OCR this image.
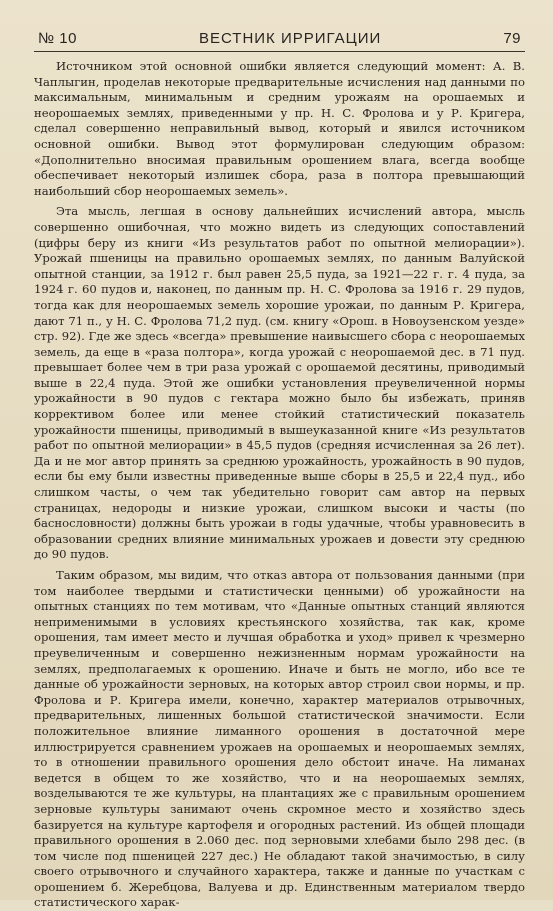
№ 10	ВЕСТНИК ИРРИГАЦИИ	79

Источником этой основной ошибки является следующий момент: А. В. Чаплыгин, проделав некоторые предварительные исчисления над данными по максимальным, минимальным и средним урожаям на орошаемых и неорошаемых землях, приведенными у пр. Н. С. Фролова и у Р. Кригера, сделал совершенно неправильный вывод, который и явился источником основной ошибки. Вывод этот формулирован следующим образом: «Дополнительно вносимая правильным орошением влага, всегда вообще обеспечивает некоторый излишек сбора, раза в полтора превышающий наибольший сбор неорошаемых земель».

Эта мысль, легшая в основу дальнейших исчислений автора, мысль совершенно ошибочная, что можно видеть из следующих сопоставлений (цифры беру из книги «Из результатов работ по опытной мелиорации»). Урожай пшеницы на правильно орошаемых землях, по данным Валуйской опытной станции, за 1912 г. был равен 25,5 пуда, за 1921—22 г. г. 4 пуда, за 1924 г. 60 пудов и, наконец, по данным пр. Н. С. Фролова за 1916 г. 29 пудов, тогда как для неорошаемых земель хорошие урожаи, по данным Р. Кригера, дают 71 п., у Н. С. Фролова 71,2 пуд. (см. книгу «Орош. в Новоузенском уезде» стр. 92). Где же здесь «всегда» превышение наивысшего сбора с неорошаемых земель, да еще в «раза полтора», когда урожай с неорошаемой дес. в 71 пуд. превышает более чем в три раза урожай с орошаемой десятины, приводимый выше в 22,4 пуда. Этой же ошибки установления преувеличенной нормы урожайности в 90 пудов с гектара можно было бы избежать, приняв коррективом более или менее стойкий статистический показатель урожайности пшеницы, приводимый в вышеуказанной книге «Из результатов работ по опытной мелиорации» в 45,5 пудов (средняя исчисленная за 26 лет). Да и не мог автор принять за среднюю урожайность, урожайность в 90 пудов, если бы ему были известны приведенные выше сборы в 25,5 и 22,4 пуд., ибо слишком часты, о чем так убедительно говорит сам автор на первых страницах, недороды и низкие урожаи, слишком высоки и часты (по баснословности) должны быть урожаи в годы удачные, чтобы уравновесить в образовании средних влияние минимальных урожаев и довести эту среднюю до 90 пудов.

Таким образом, мы видим, что отказ автора от пользования данными (при том наиболее твердыми и статистически ценными) об урожайности на опытных станциях по тем мотивам, что «Данные опытных станций являются неприменимыми в условиях крестьянского хозяйства, так как, кроме орошения, там имеет место и лучшая обработка и уход» привел к чрезмерно преувеличенным и совершенно нежизненным нормам урожайности на землях, предполагаемых к орошению. Иначе и быть не могло, ибо все те данные об урожайности зерновых, на которых автор строил свои нормы, и пр. Фролова и Р. Кригера имели, конечно, характер материалов отрывочных, предварительных, лишенных большой статистической значимости. Если положительное влияние лиманного орошения в достаточной мере иллюстрируется сравнением урожаев на орошаемых и неорошаемых землях, то в отношении правильного орошения дело обстоит иначе. На лиманах ведется в общем то же хозяйство, что и на неорошаемых землях, возделываются те же культуры, на плантациях же с правильным орошением зерновые культуры занимают очень скромное место и хозяйство здесь базируется на культуре картофеля и огородных растений. Из общей площади правильного орошения в 2.060 дес. под зерновыми хлебами было 298 дес. (в том числе под пшеницей 227 дес.) Не обладают такой значимостью, в силу своего отрывочного и случайного характера, также и данные по участкам с орошением б. Жеребцова, Валуева и др. Единственным материалом твердо статистического харак-
